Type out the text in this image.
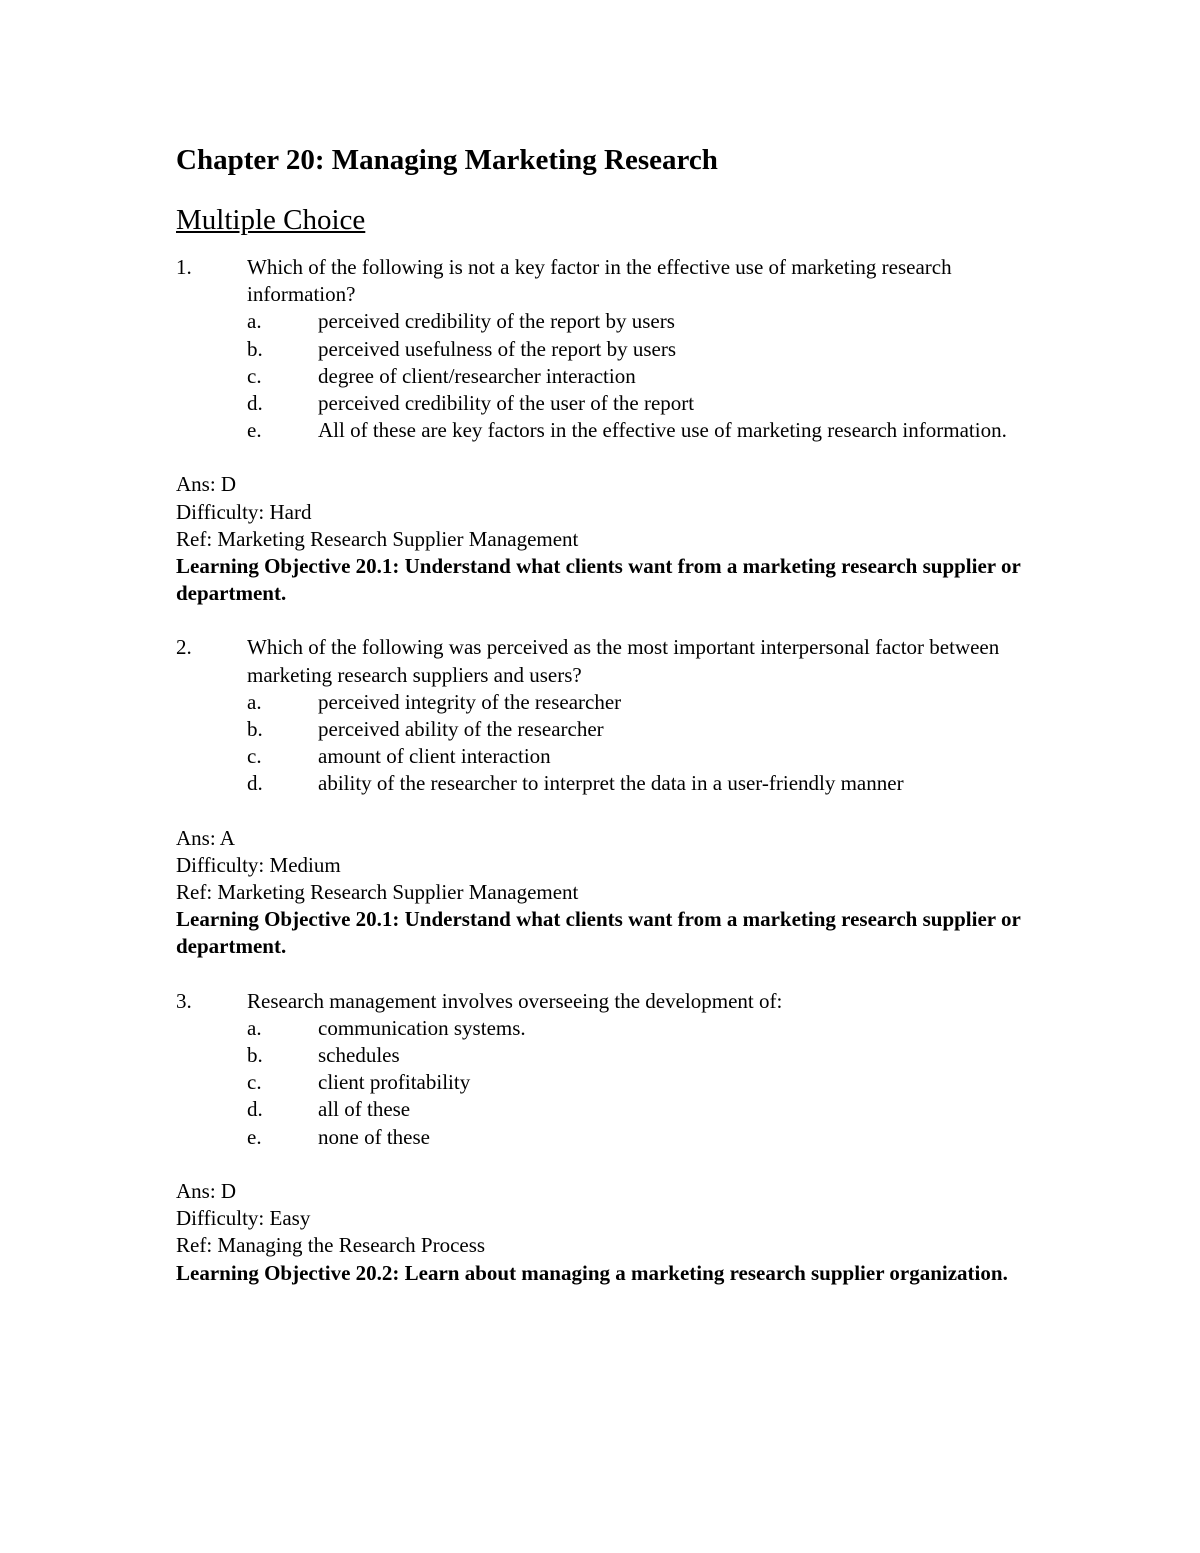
Chapter 20: Managing Marketing Research
Multiple Choice
1.	Which of the following is not a key factor in the effective use of marketing research information?
a.	perceived credibility of the report by users
b.	perceived usefulness of the report by users
c.	degree of client/researcher interaction
d.	perceived credibility of the user of the report
e.	All of these are key factors in the effective use of marketing research information.
Ans: D
Difficulty: Hard
Ref: Marketing Research Supplier Management
Learning Objective 20.1: Understand what clients want from a marketing research supplier or department.
2.	Which of the following was perceived as the most important interpersonal factor between marketing research suppliers and users?
a.	perceived integrity of the researcher
b.	perceived ability of the researcher
c.	amount of client interaction
d.	ability of the researcher to interpret the data in a user-friendly manner
Ans: A
Difficulty: Medium
Ref: Marketing Research Supplier Management
Learning Objective 20.1: Understand what clients want from a marketing research supplier or department.
3.	Research management involves overseeing the development of:
a.	communication systems.
b.	schedules
c.	client profitability
d.	all of these
e.	none of these
Ans: D
Difficulty: Easy
Ref: Managing the Research Process
Learning Objective 20.2: Learn about managing a marketing research supplier organization.
